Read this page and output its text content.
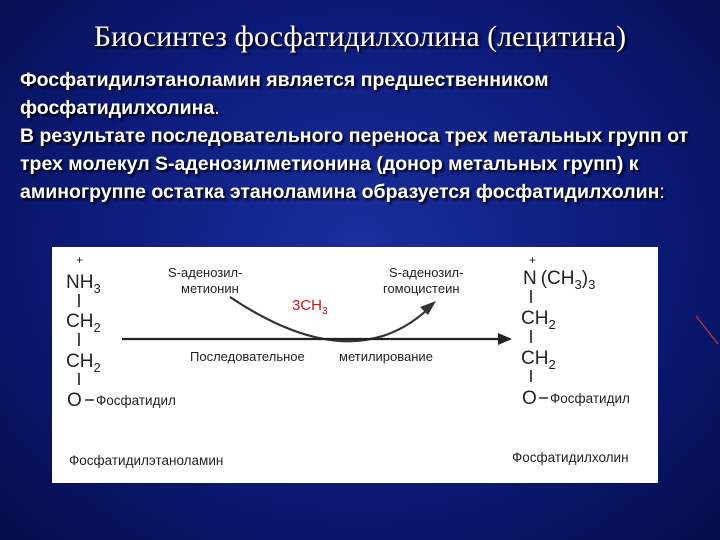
Биосинтез фосфатидилхолина (лецитина)

Фосфатидилэтаноламин является предшественником фосфатидилхолина.

В результате последовательного переноса трех метальных групп от трех молекул S-аденозилметионина (донор метальных групп) к аминогруппе остатка этаноламина образуется фосфатидилхолин:

+
$NH_3$
$CH_2$
$CH_2$
O Фосфатидил
Фосфатидилэтаноламин
S-аденозил-
метионин
S-аденозил-
гомоцистеин
$3CH_3$
Последовательное	метилирование
+
N $(CH_3)_3$
$CH_2$
$CH_2$
O Фосфатидил
Фосфатидилхолин
